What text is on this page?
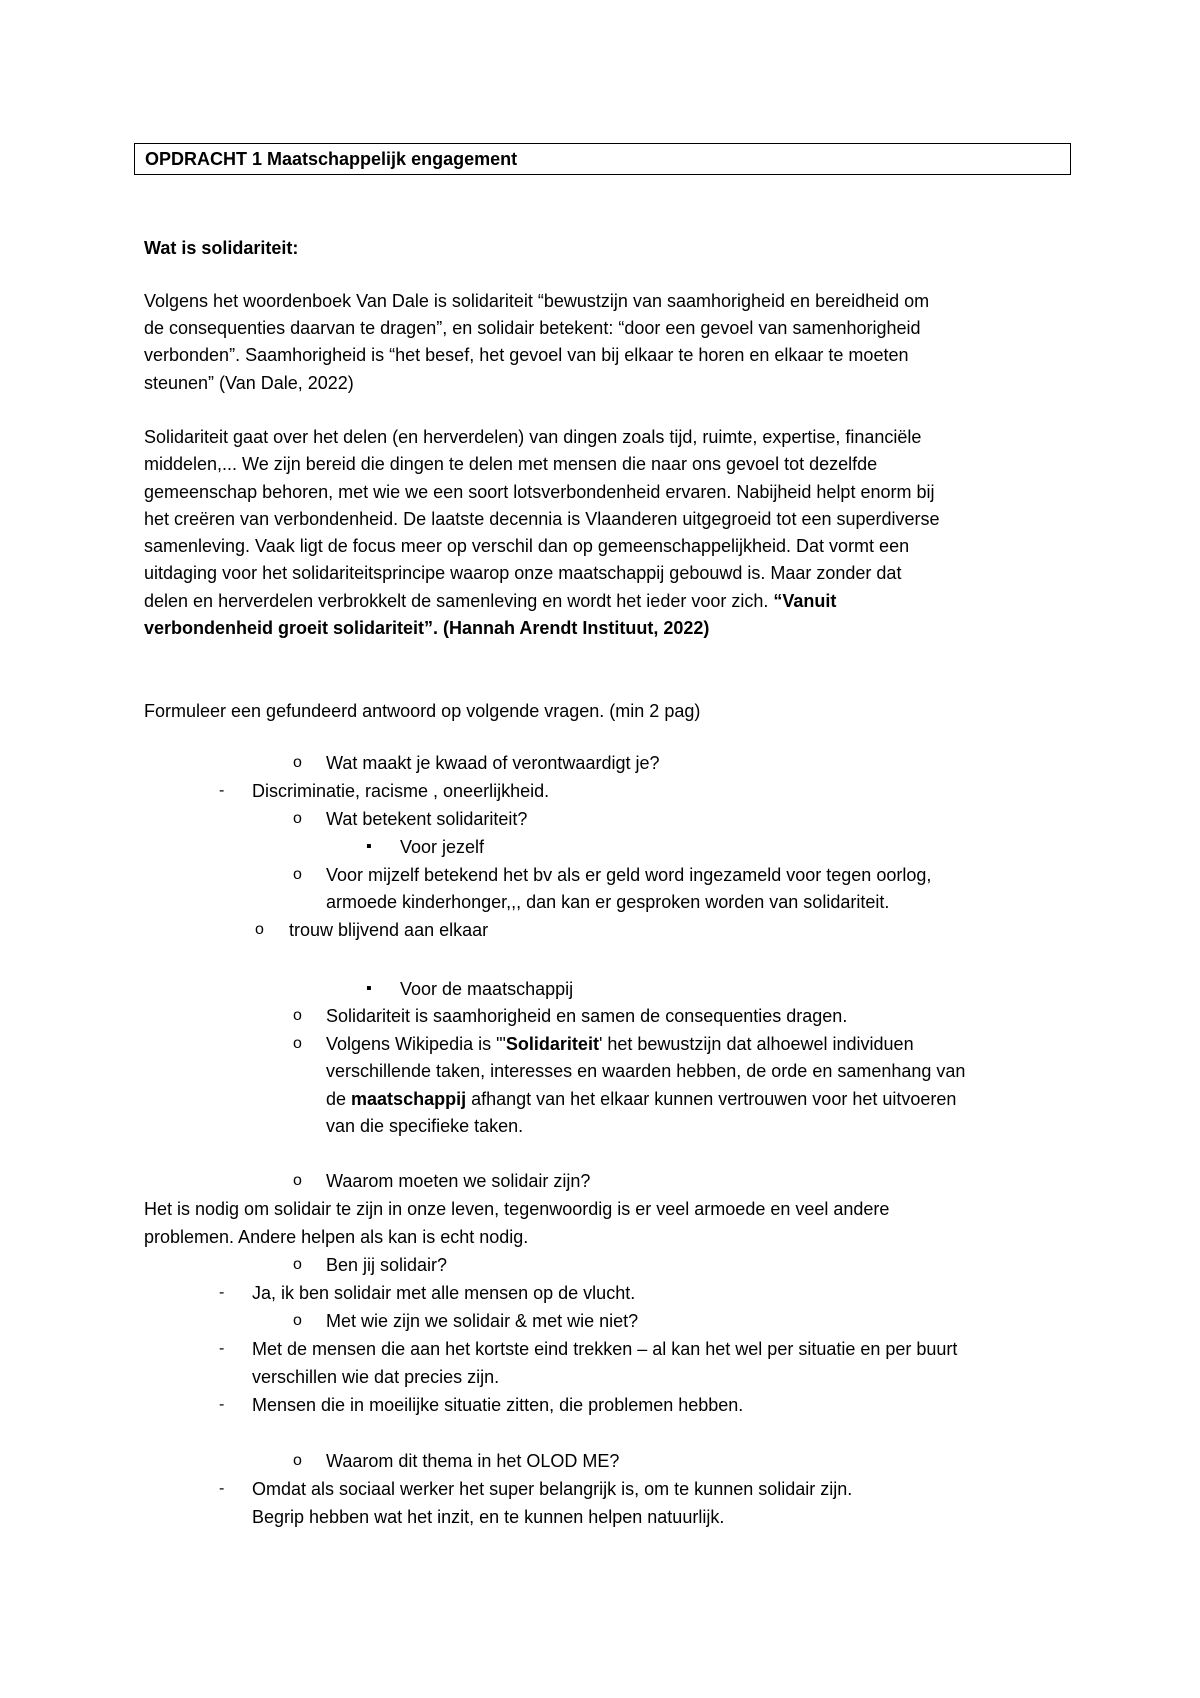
OPDRACHT 1 Maatschappelijk engagement
Wat is solidariteit:
Volgens het woordenboek Van Dale is solidariteit “bewustzijn van saamhorigheid en bereidheid om
de consequenties daarvan te dragen”, en solidair betekent: “door een gevoel van samenhorigheid
verbonden”. Saamhorigheid is “het besef, het gevoel van bij elkaar te horen en elkaar te moeten
steunen” (Van Dale, 2022)
Solidariteit gaat over het delen (en herverdelen) van dingen zoals tijd, ruimte, expertise, financiële
middelen,... We zijn bereid die dingen te delen met mensen die naar ons gevoel tot dezelfde
gemeenschap behoren, met wie we een soort lotsverbondenheid ervaren. Nabijheid helpt enorm bij
het creëren van verbondenheid. De laatste decennia is Vlaanderen uitgegroeid tot een superdiverse
samenleving. Vaak ligt de focus meer op verschil dan op gemeenschappelijkheid. Dat vormt een
uitdaging voor het solidariteitsprincipe waarop onze maatschappij gebouwd is. Maar zonder dat
delen en herverdelen verbrokkelt de samenleving en wordt het ieder voor zich. “Vanuit
verbondenheid groeit solidariteit”. (Hannah Arendt Instituut, 2022)
Formuleer een gefundeerd antwoord op volgende vragen. (min 2 pag)
o Wat maakt je kwaad of verontwaardigt je?
- Discriminatie, racisme , oneerlijkheid.
o Wat betekent solidariteit?
▪ Voor jezelf
o Voor mijzelf betekend het bv als er geld word ingezameld voor tegen oorlog,
armoede kinderhonger,,, dan kan er gesproken worden van solidariteit.
o trouw blijvend aan elkaar
▪ Voor de maatschappij
o Solidariteit is saamhorigheid en samen de consequenties dragen.
o Volgens Wikipedia is "'Solidariteit' het bewustzijn dat alhoewel individuen
verschillende taken, interesses en waarden hebben, de orde en samenhang van
de maatschappij afhangt van het elkaar kunnen vertrouwen voor het uitvoeren
van die specifieke taken.
o Waarom moeten we solidair zijn?
Het is nodig om solidair te zijn in onze leven, tegenwoordig is er veel armoede en veel andere
problemen. Andere helpen als kan is echt nodig.
o Ben jij solidair?
- Ja, ik ben solidair met alle mensen op de vlucht.
o Met wie zijn we solidair & met wie niet?
- Met de mensen die aan het kortste eind trekken – al kan het wel per situatie en per buurt
verschillen wie dat precies zijn.
- Mensen die in moeilijke situatie zitten, die problemen hebben.
o Waarom dit thema in het OLOD ME?
- Omdat als sociaal werker het super belangrijk is, om te kunnen solidair zijn.
Begrip hebben wat het inzit, en te kunnen helpen natuurlijk.
